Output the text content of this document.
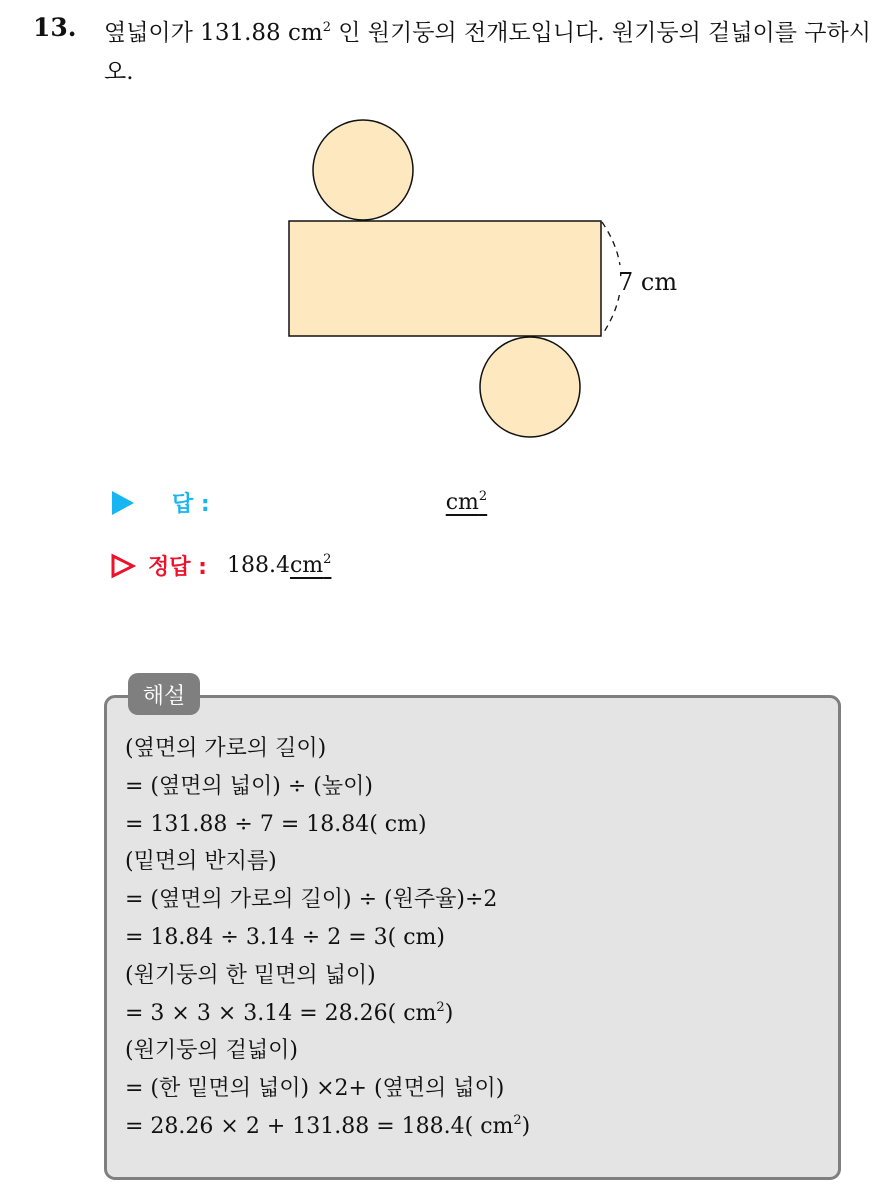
13. 옆넓이가 131.88 $cm^2$ 인 원기둥의 전개도입니다. 원기둥의 겉넓이를 구하시오.
7 cm
답 :	$cm^2$
정답 : 188.4 $cm^2$
해설
(옆면의 가로의 길이)
= (옆면의 넓이) ÷ (높이)
= 131.88 ÷ 7 = 18.84( cm)
(밑면의 반지름)
= (옆면의 가로의 길이) ÷ (원주율)÷2
= 18.84 ÷ 3.14 ÷ 2 = 3( cm)
(원기둥의 한 밑면의 넓이)
= 3 × 3 × 3.14 = 28.26( $cm^2$)
(원기둥의 겉넓이)
= (한 밑면의 넓이) ×2+ (옆면의 넓이)
= 28.26 × 2 + 131.88 = 188.4( $cm^2$)
